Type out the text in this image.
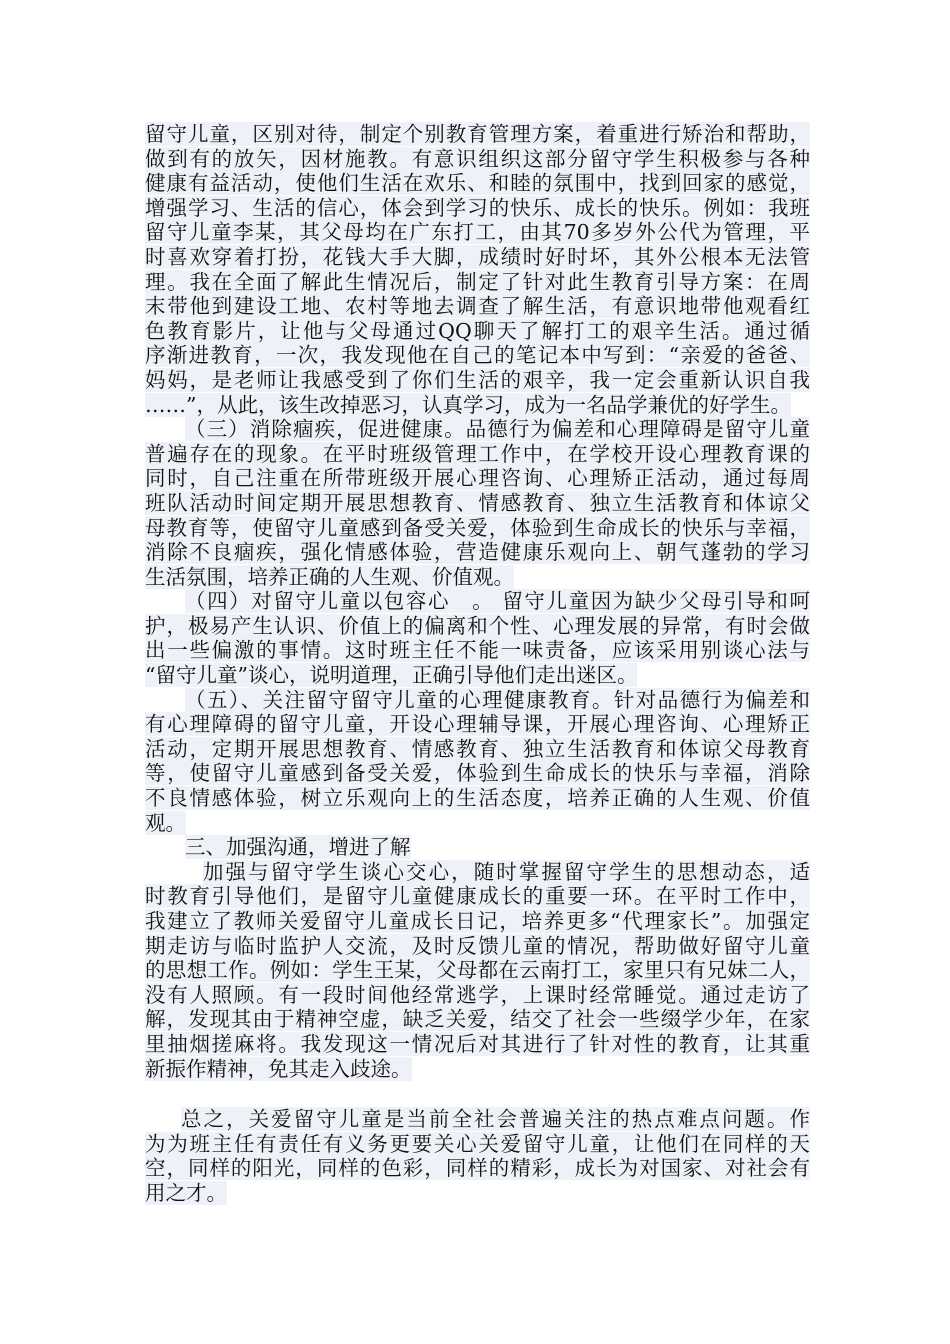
留守儿童，区别对待，制定个别教育管理方案，着重进行矫治和帮助，
做到有的放矢，因材施教。有意识组织这部分留守学生积极参与各种
健康有益活动，使他们生活在欢乐、和睦的氛围中，找到回家的感觉，
增强学习、生活的信心，体会到学习的快乐、成长的快乐。例如：我班
留守儿童李某，其父母均在广东打工，由其70多岁外公代为管理，平
时喜欢穿着打扮，花钱大手大脚，成绩时好时坏，其外公根本无法管
理。我在全面了解此生情况后，制定了针对此生教育引导方案：在周
末带他到建设工地、农村等地去调查了解生活，有意识地带他观看红
色教育影片，让他与父母通过QQ聊天了解打工的艰辛生活。通过循
序渐进教育，一次，我发现他在自己的笔记本中写到：“亲爱的爸爸、
妈妈，是老师让我感受到了你们生活的艰辛，我一定会重新认识自我
……”，从此，该生改掉恶习，认真学习，成为一名品学兼优的好学生。
（三）消除痼疾，促进健康。品德行为偏差和心理障碍是留守儿童
普遍存在的现象。在平时班级管理工作中，在学校开设心理教育课的
同时，自己注重在所带班级开展心理咨询、心理矫正活动，通过每周
班队活动时间定期开展思想教育、情感教育、独立生活教育和体谅父
母教育等，使留守儿童感到备受关爱，体验到生命成长的快乐与幸福，
消除不良痼疾，强化情感体验，营造健康乐观向上、朝气蓬勃的学习
生活氛围，培养正确的人生观、价值观。
（四）对留守儿童以包容心　。 留守儿童因为缺少父母引导和呵
护，极易产生认识、价值上的偏离和个性、心理发展的异常，有时会做
出一些偏激的事情。这时班主任不能一味责备，应该采用别谈心法与
“留守儿童”谈心，说明道理，正确引导他们走出迷区。
（五）、关注留守留守儿童的心理健康教育。针对品德行为偏差和
有心理障碍的留守儿童，开设心理辅导课，开展心理咨询、心理矫正
活动，定期开展思想教育、情感教育、独立生活教育和体谅父母教育
等，使留守儿童感到备受关爱，体验到生命成长的快乐与幸福，消除
不良情感体验，树立乐观向上的生活态度，培养正确的人生观、价值
观。
三、加强沟通，增进了解
加强与留守学生谈心交心，随时掌握留守学生的思想动态，适
时教育引导他们，是留守儿童健康成长的重要一环。在平时工作中，
我建立了教师关爱留守儿童成长日记，培养更多“代理家长”。加强定
期走访与临时监护人交流，及时反馈儿童的情况，帮助做好留守儿童
的思想工作。例如：学生王某，父母都在云南打工，家里只有兄妹二人，
没有人照顾。有一段时间他经常逃学，上课时经常睡觉。通过走访了
解，发现其由于精神空虚，缺乏关爱，结交了社会一些缀学少年，在家
里抽烟搓麻将。我发现这一情况后对其进行了针对性的教育，让其重
新振作精神，免其走入歧途。
总之，关爱留守儿童是当前全社会普遍关注的热点难点问题。作
为为班主任有责任有义务更要关心关爱留守儿童，让他们在同样的天
空，同样的阳光，同样的色彩，同样的精彩，成长为对国家、对社会有
用之才。
